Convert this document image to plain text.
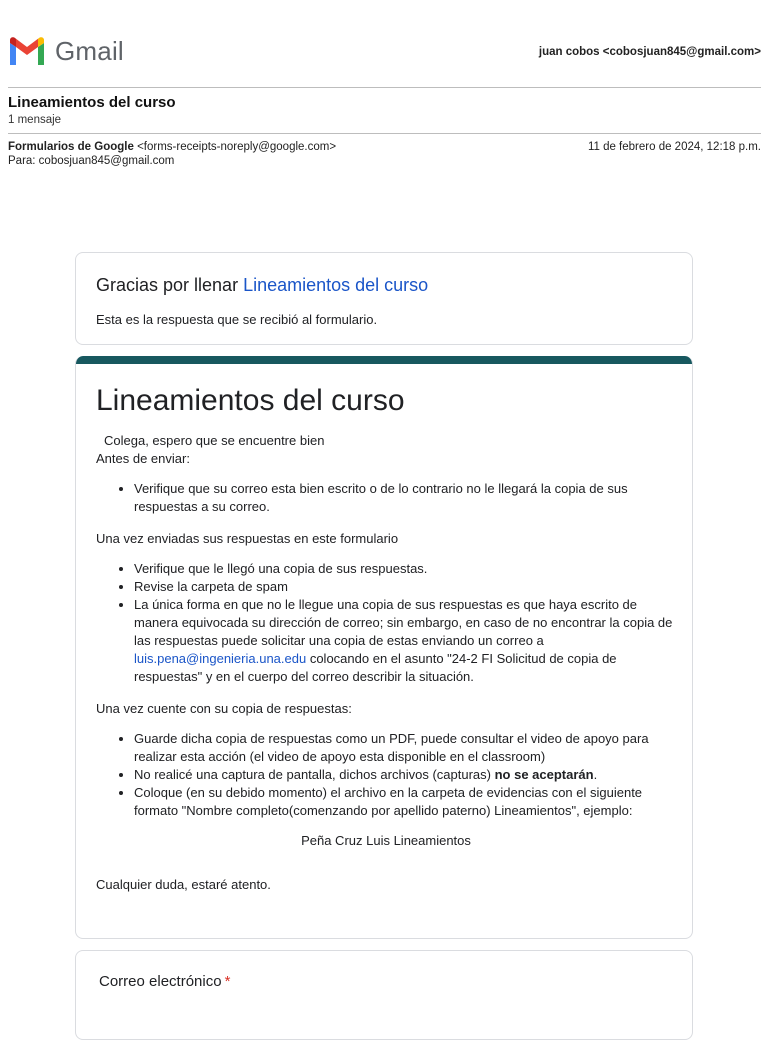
Gmail	juan cobos <cobosjuan845@gmail.com>
Lineamientos del curso
1 mensaje
Formularios de Google <forms-receipts-noreply@google.com>	11 de febrero de 2024, 12:18 p.m.
Para: cobosjuan845@gmail.com
Gracias por llenar Lineamientos del curso
Esta es la respuesta que se recibió al formulario.
Lineamientos del curso

Colega, espero que se encuentre bien

Antes de enviar:

• Verifique que su correo esta bien escrito o de lo contrario no le llegará la copia de sus respuestas a su correo.

Una vez enviadas sus respuestas en este formulario

• Verifique que le llegó una copia de sus respuestas.
• Revise la carpeta de spam
• La única forma en que no le llegue una copia de sus respuestas es que haya escrito de manera equivocada su dirección de correo; sin embargo, en caso de no encontrar la copia de las respuestas puede solicitar una copia de estas enviando un correo a luis.pena@ingenieria.una.edu colocando en el asunto "24-2 FI Solicitud de copia de respuestas" y en el cuerpo del correo describir la situación.

Una vez cuente con su copia de respuestas:

• Guarde dicha copia de respuestas como un PDF, puede consultar el video de apoyo para realizar esta acción (el video de apoyo esta disponible en el classroom)
• No realicé una captura de pantalla, dichos archivos (capturas) no se aceptarán.
• Coloque (en su debido momento) el archivo en la carpeta de evidencias con el siguiente formato "Nombre completo(comenzando por apellido paterno) Lineamientos", ejemplo:

Peña Cruz Luis Lineamientos

Cualquier duda, estaré atento.

Correo electrónico *
